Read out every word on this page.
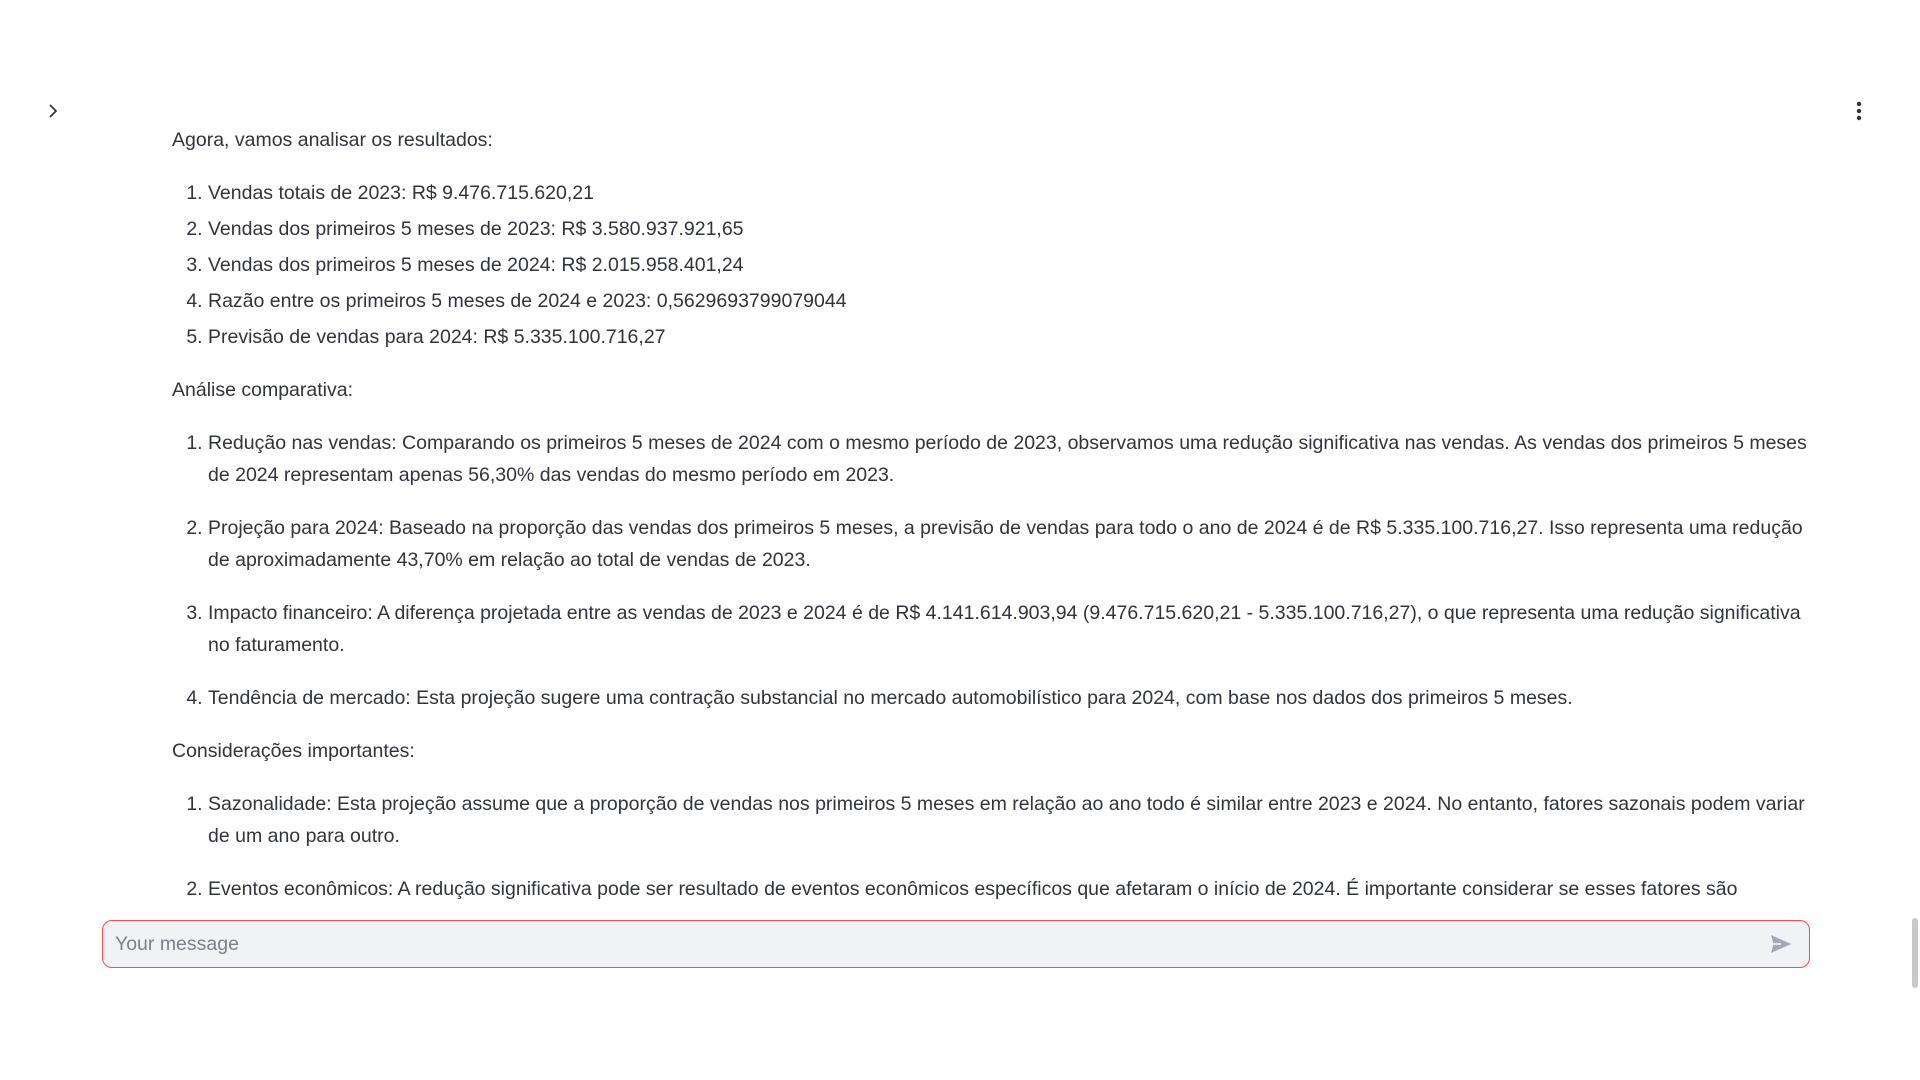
Agora, vamos analisar os resultados:

1. Vendas totais de 2023: R$ 9.476.715.620,21
2. Vendas dos primeiros 5 meses de 2023: R$ 3.580.937.921,65
3. Vendas dos primeiros 5 meses de 2024: R$ 2.015.958.401,24
4. Razão entre os primeiros 5 meses de 2024 e 2023: 0,5629693799079044
5. Previsão de vendas para 2024: R$ 5.335.100.716,27

Análise comparativa:

1. Redução nas vendas: Comparando os primeiros 5 meses de 2024 com o mesmo período de 2023, observamos uma redução significativa nas vendas. As vendas dos primeiros 5 meses de 2024 representam apenas 56,30% das vendas do mesmo período em 2023.
2. Projeção para 2024: Baseado na proporção das vendas dos primeiros 5 meses, a previsão de vendas para todo o ano de 2024 é de R$ 5.335.100.716,27. Isso representa uma redução de aproximadamente 43,70% em relação ao total de vendas de 2023.
3. Impacto financeiro: A diferença projetada entre as vendas de 2023 e 2024 é de R$ 4.141.614.903,94 (9.476.715.620,21 - 5.335.100.716,27), o que representa uma redução significativa no faturamento.
4. Tendência de mercado: Esta projeção sugere uma contração substancial no mercado automobilístico para 2024, com base nos dados dos primeiros 5 meses.

Considerações importantes:

1. Sazonalidade: Esta projeção assume que a proporção de vendas nos primeiros 5 meses em relação ao ano todo é similar entre 2023 e 2024. No entanto, fatores sazonais podem variar de um ano para outro.
2. Eventos econômicos: A redução significativa pode ser resultado de eventos econômicos específicos que afetaram o início de 2024. É importante considerar se esses fatores são
Your message
